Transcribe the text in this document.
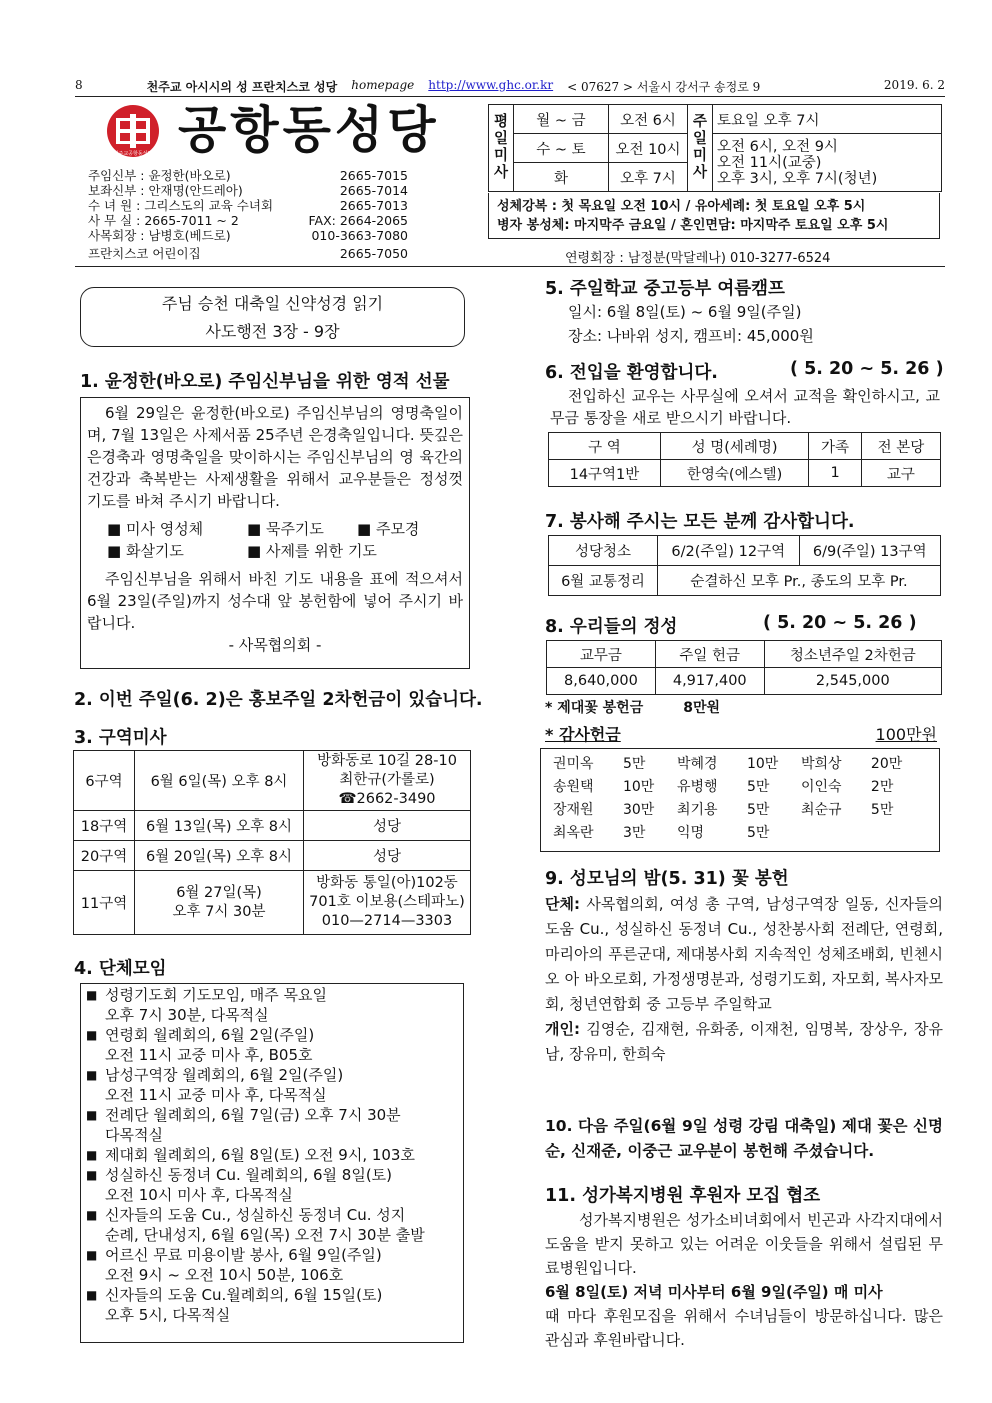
8	천주교 아시시의 성 프란치스코 성당 homepage http://www.ghc.or.kr < 07627 > 서울시 강서구 송정로 9	2019. 6. 2
천주교공항동성당 공항동성당
주임신부 : 윤정한(바오로)	2665-7015
보좌신부 : 안재명(안드레아)	2665-7014
수 녀 원 : 그리스도의 교육 수녀회	2665-7013
사 무 실 : 2665-7011 ~ 2	FAX: 2664-2065
사목회장 : 남병호(베드로)	010-3663-7080
프란치스코 어린이집	2665-7050
평일미사	월 ~ 금	오전 6시	주일미사	토요일 오후 7시
	수 ~ 토	오전 10시		오전 6시, 오전 9시
오전 11시(교중)
오후 3시, 오후 7시(청년)

	화	오후 7시		
성체강복 : 첫 목요일 오전 10시 / 유아세례: 첫 토요일 오후 5시
병자 봉성체: 마지막주 금요일 / 혼인면담: 마지막주 토요일 오후 5시
연령회장 : 남정분(막달레나) 010-3277-6524
주님 승천 대축일 신약성경 읽기
사도행전 3장 - 9장
1. 윤정한(바오로) 주임신부님을 위한 영적 선물
6월 29일은 윤정한(바오로) 주임신부님의 영명축일이며, 7월 13일은 사제서품 25주년 은경축일입니다. 뜻깊은 은경축과 영명축일을 맞이하시는 주임신부님의 영 육간의 건강과 축복받는 사제생활을 위해서 교우분들은 정성껏 기도를 바쳐 주시기 바랍니다.
■ 미사 영성체	■ 묵주기도	■ 주모경
■ 화살기도	■ 사제를 위한 기도
주임신부님을 위해서 바친 기도 내용을 표에 적으셔서 6월 23일(주일)까지 성수대 앞 봉헌함에 넣어 주시기 바랍니다.
- 사목협의회 -
2. 이번 주일(6. 2)은 홍보주일 2차헌금이 있습니다.
3. 구역미사
6구역	6월 6일(목) 오후 8시	방화동로 10길 28-10
최한규(가롤로)
☎2662-3490
18구역	6월 13일(목) 오후 8시	성당
20구역	6월 20일(목) 오후 8시	성당
11구역	6월 27일(목)
오후 7시 30분	방화동 통일(아)102동
701호 이보용(스테파노)
010—2714—3303
4. 단체모임
■ 성령기도회 기도모임, 매주 목요일
오후 7시 30분, 다목적실
■ 연령회 월례회의, 6월 2일(주일)
오전 11시 교중 미사 후, B05호
■ 남성구역장 월례회의, 6월 2일(주일)
오전 11시 교중 미사 후, 다목적실
■ 전례단 월례회의, 6월 7일(금) 오후 7시 30분
다목적실
■ 제대회 월례회의, 6월 8일(토) 오전 9시, 103호
■ 성실하신 동정녀 Cu. 월례회의, 6월 8일(토)
오전 10시 미사 후, 다목적실
■ 신자들의 도움 Cu., 성실하신 동정녀 Cu. 성지
순례, 단내성지, 6월 6일(목) 오전 7시 30분 출발
■ 어르신 무료 미용이발 봉사, 6월 9일(주일)
오전 9시 ~ 오전 10시 50분, 106호
■ 신자들의 도움 Cu.월례회의, 6월 15일(토)
오후 5시, 다목적실
5. 주일학교 중고등부 여름캠프
일시: 6월 8일(토) ~ 6월 9일(주일)
장소: 나바위 성지, 캠프비: 45,000원
6. 전입을 환영합니다.	( 5. 20 ~ 5. 26 )
전입하신 교우는 사무실에 오셔서 교적을 확인하시고, 교무금 통장을 새로 받으시기 바랍니다.
구 역	성 명(세례명)	가족	전 본당
14구역1반	한영숙(에스텔)	1	교구
7. 봉사해 주시는 모든 분께 감사합니다.
성당청소	6/2(주일) 12구역	6/9(주일) 13구역
6월 교통정리	순결하신 모후 Pr., 종도의 모후 Pr.	
8. 우리들의 정성	( 5. 20 ~ 5. 26 )
교무금	주일 헌금	청소년주일 2차헌금
8,640,000	4,917,400	2,545,000
* 제대꽃 봉헌금	8만원
* 감사헌금	100만원
권미옥	5만	박혜경	10만	박희상	20만
송원택	10만	유병행	5만	이인숙	2만
장재원	30만	최기용	5만	최순규	5만
최옥란	3만	익명	5만		
9. 성모님의 밤(5. 31) 꽃 봉헌
단체: 사목협의회, 여성 총 구역, 남성구역장 일동, 신자들의 도움 Cu., 성실하신 동정녀 Cu., 성찬봉사회 전례단, 연령회, 마리아의 푸른군대, 제대봉사회 지속적인 성체조배회, 빈첸시오 아 바오로회, 가정생명분과, 성령기도회, 자모회, 복사자모회, 청년연합회 중 고등부 주일학교
개인: 김영순, 김재현, 유화종, 이재천, 임명복, 장상우, 장유남, 장유미, 한희숙
10. 다음 주일(6월 9일 성령 강림 대축일) 제대 꽃은 신명순, 신재준, 이중근 교우분이 봉헌해 주셨습니다.
11. 성가복지병원 후원자 모집 협조
성가복지병원은 성가소비녀회에서 빈곤과 사각지대에서 도움을 받지 못하고 있는 어려운 이웃들을 위해서 설립된 무료병원입니다.
6월 8일(토) 저녁 미사부터 6월 9일(주일) 매 미사
때 마다 후원모집을 위해서 수녀님들이 방문하십니다. 많은 관심과 후원바랍니다.
